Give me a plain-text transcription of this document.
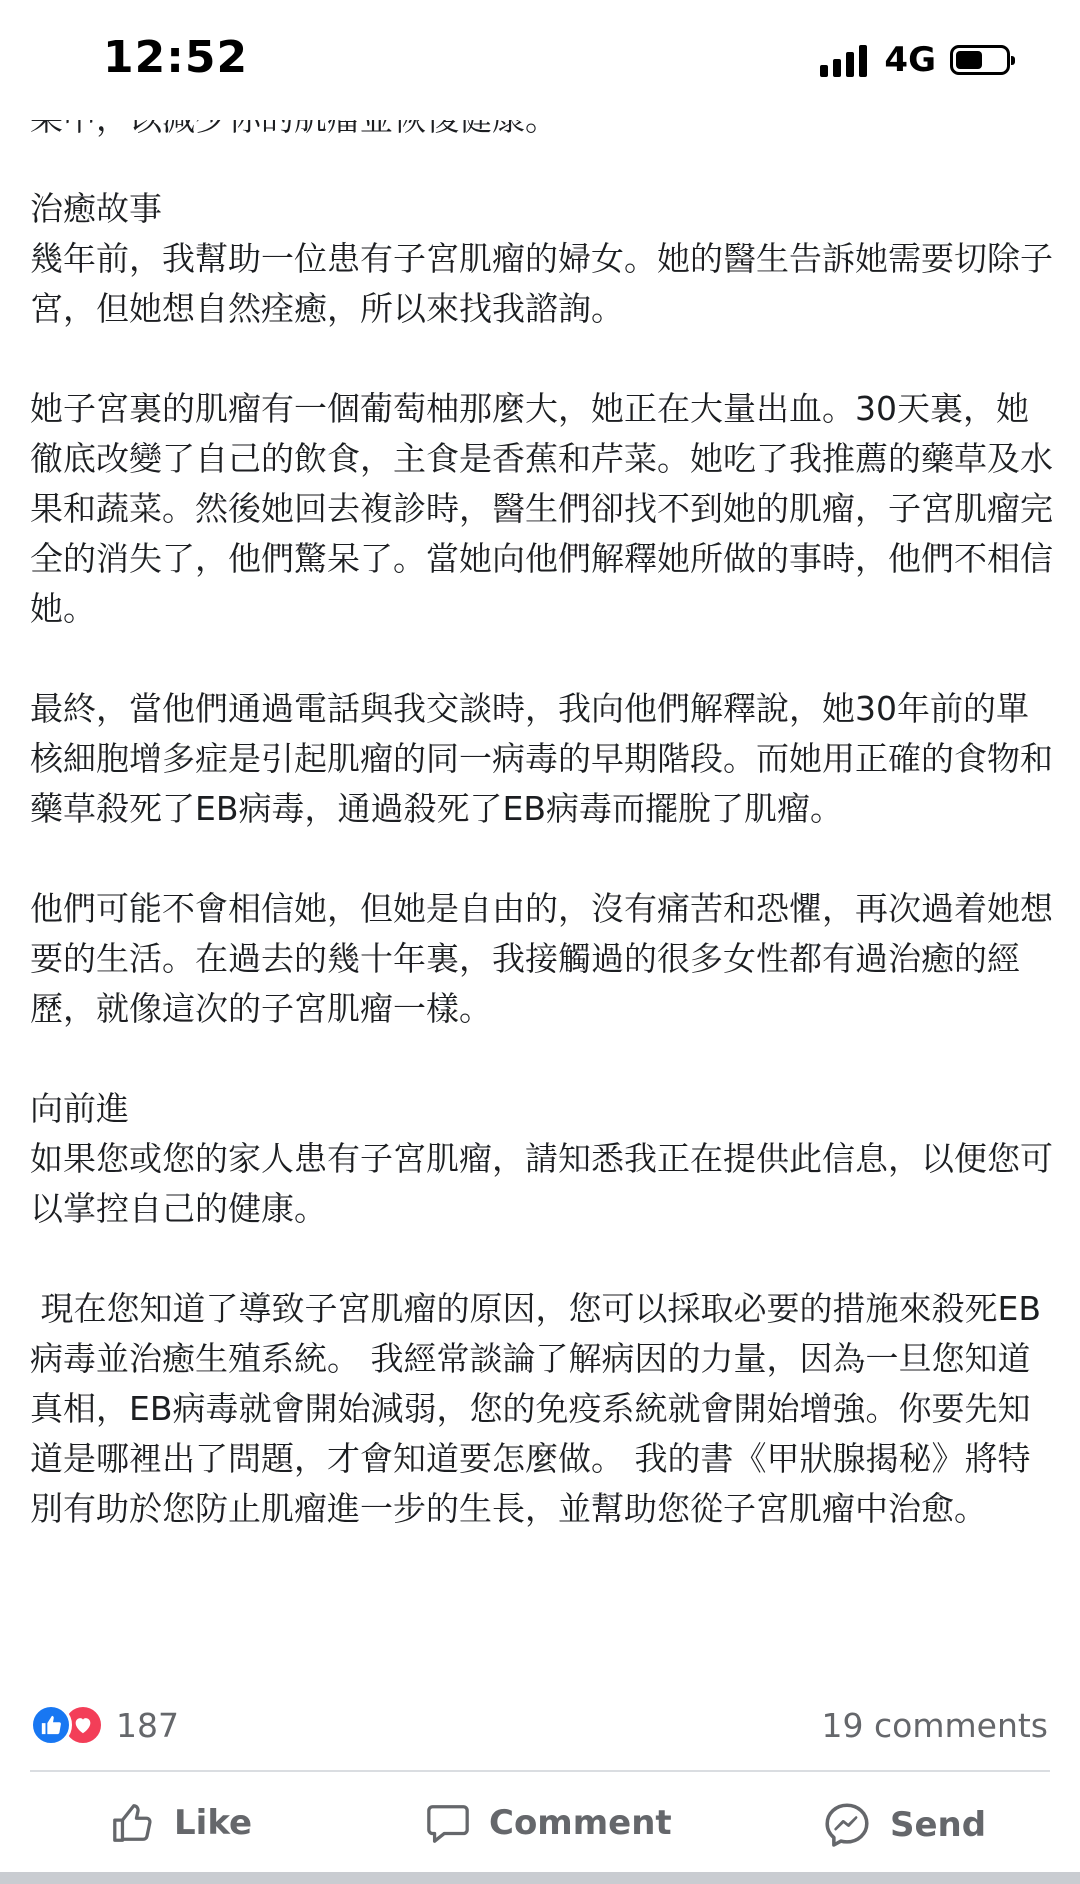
12:52	4G

治癒故事
幾年前，我幫助一位患有子宮肌瘤的婦女。她的醫生告訴她需要切除子宮，但她想自然痊癒，所以來找我諮詢。

她子宮裏的肌瘤有一個葡萄柚那麼大，她正在大量出血。30天裏，她徹底改變了自己的飲食，主食是香蕉和芹菜。她吃了我推薦的藥草及水果和蔬菜。然後她回去複診時，醫生們卻找不到她的肌瘤，子宮肌瘤完全的消失了，他們驚呆了。當她向他們解釋她所做的事時，他們不相信她。

最終，當他們通過電話與我交談時，我向他們解釋說，她30年前的單核細胞增多症是引起肌瘤的同一病毒的早期階段。而她用正確的食物和藥草殺死了EB病毒，通過殺死了EB病毒而擺脫了肌瘤。

他們可能不會相信她，但她是自由的，沒有痛苦和恐懼，再次過着她想要的生活。在過去的幾十年裏，我接觸過的很多女性都有過治癒的經歷，就像這次的子宮肌瘤一樣。

向前進
如果您或您的家人患有子宮肌瘤，請知悉我正在提供此信息，以便您可以掌控自己的健康。

現在您知道了導致子宮肌瘤的原因，您可以採取必要的措施來殺死EB病毒並治癒生殖系統。 我經常談論了解病因的力量，因為一旦您知道真相，EB病毒就會開始減弱，您的免疫系統就會開始增強。你要先知道是哪裡出了問題，才會知道要怎麼做。 我的書《甲狀腺揭秘》將特別有助於您防止肌瘤進一步的生長，並幫助您從子宮肌瘤中治愈。

187	19 comments
Like	Comment	Send
